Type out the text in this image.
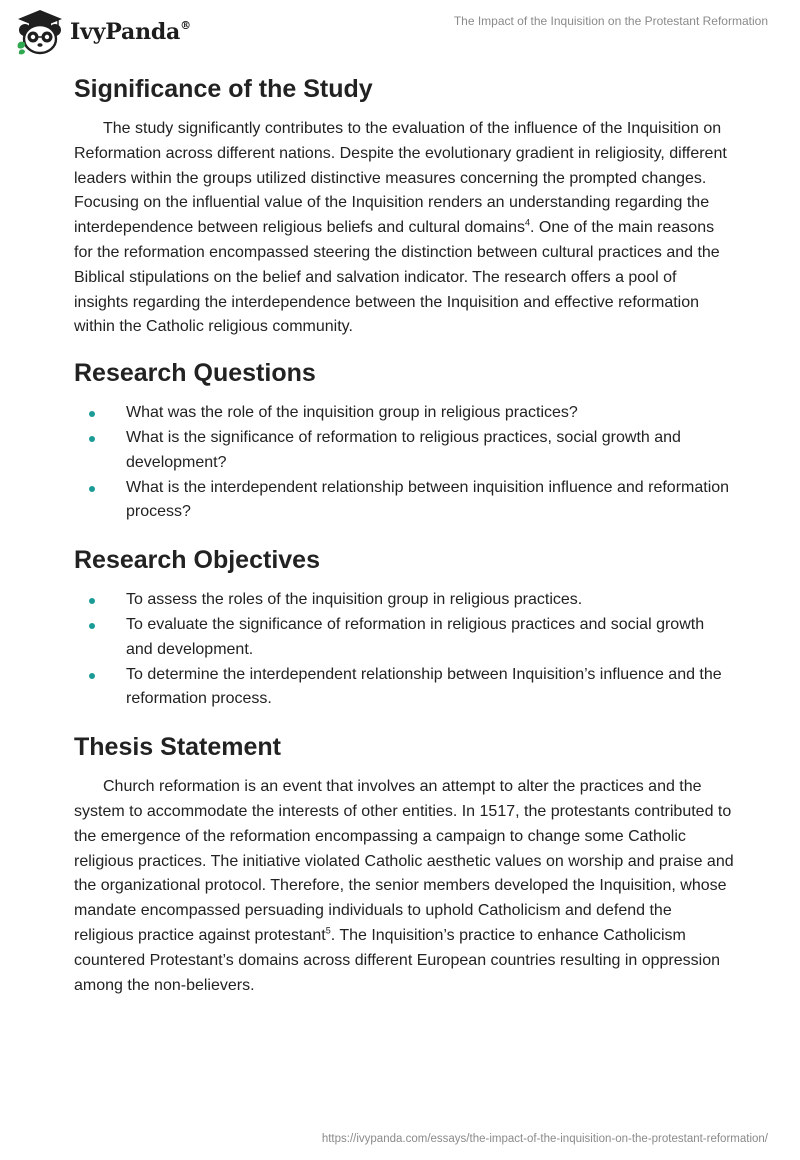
IvyPanda®	The Impact of the Inquisition on the Protestant Reformation
Significance of the Study

The study significantly contributes to the evaluation of the influence of the Inquisition on Reformation across different nations. Despite the evolutionary gradient in religiosity, different leaders within the groups utilized distinctive measures concerning the prompted changes. Focusing on the influential value of the Inquisition renders an understanding regarding the interdependence between religious beliefs and cultural domains$^4$. One of the main reasons for the reformation encompassed steering the distinction between cultural practices and the Biblical stipulations on the belief and salvation indicator. The research offers a pool of insights regarding the interdependence between the Inquisition and effective reformation within the Catholic religious community.

Research Questions
What was the role of the inquisition group in religious practices?
What is the significance of reformation to religious practices, social growth and development?
What is the interdependent relationship between inquisition influence and reformation process?
Research Objectives
To assess the roles of the inquisition group in religious practices.
To evaluate the significance of reformation in religious practices and social growth and development.
To determine the interdependent relationship between Inquisition’s influence and the reformation process.
Thesis Statement

Church reformation is an event that involves an attempt to alter the practices and the system to accommodate the interests of other entities. In 1517, the protestants contributed to the emergence of the reformation encompassing a campaign to change some Catholic religious practices. The initiative violated Catholic aesthetic values on worship and praise and the organizational protocol. Therefore, the senior members developed the Inquisition, whose mandate encompassed persuading individuals to uphold Catholicism and defend the religious practice against protestant$^5$. The Inquisition’s practice to enhance Catholicism countered Protestant’s domains across different European countries resulting in oppression among the non-believers.

https://ivypanda.com/essays/the-impact-of-the-inquisition-on-the-protestant-reformation/
